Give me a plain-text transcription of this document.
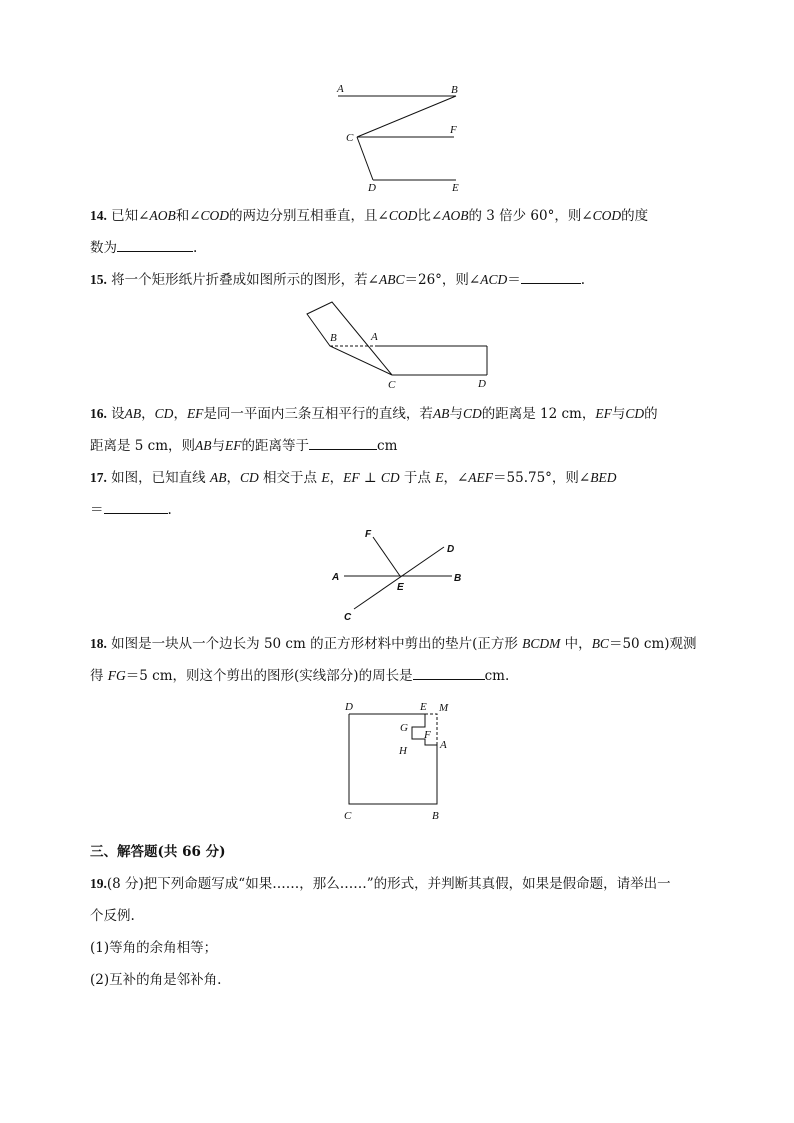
A	B
C
F
D	E
14. 已知∠AOB和∠COD的两边分别互相垂直，且∠COD比∠AOB的 3 倍少 60°，则∠COD的度
数为	.
15. 将一个矩形纸片折叠成如图所示的图形，若∠ABC＝26°，则∠ACD＝	.
B	A
C	D
16. 设AB，CD，EF是同一平面内三条互相平行的直线，若AB与CD的距离是 12 cm，EF与CD的
距离是 5 cm，则AB与EF的距离等于	cm
17. 如图，已知直线 AB，CD 相交于点 E，EF ⊥ CD 于点 E，∠AEF＝55.75°，则∠BED
＝	.
F
D
A
E
B
C
18. 如图是一块从一个边长为 50 cm 的正方形材料中剪出的垫片(正方形 BCDM 中，BC＝50 cm)观测
得 FG＝5 cm，则这个剪出的图形(实线部分)的周长是	cm.
D	E M
G
F
H	A
C	B
三、解答题(共 66 分)
19.(8 分)把下列命题写成“如果……，那么……”的形式，并判断其真假，如果是假命题，请举出一
个反例.
(1)等角的余角相等；
(2)互补的角是邻补角.
